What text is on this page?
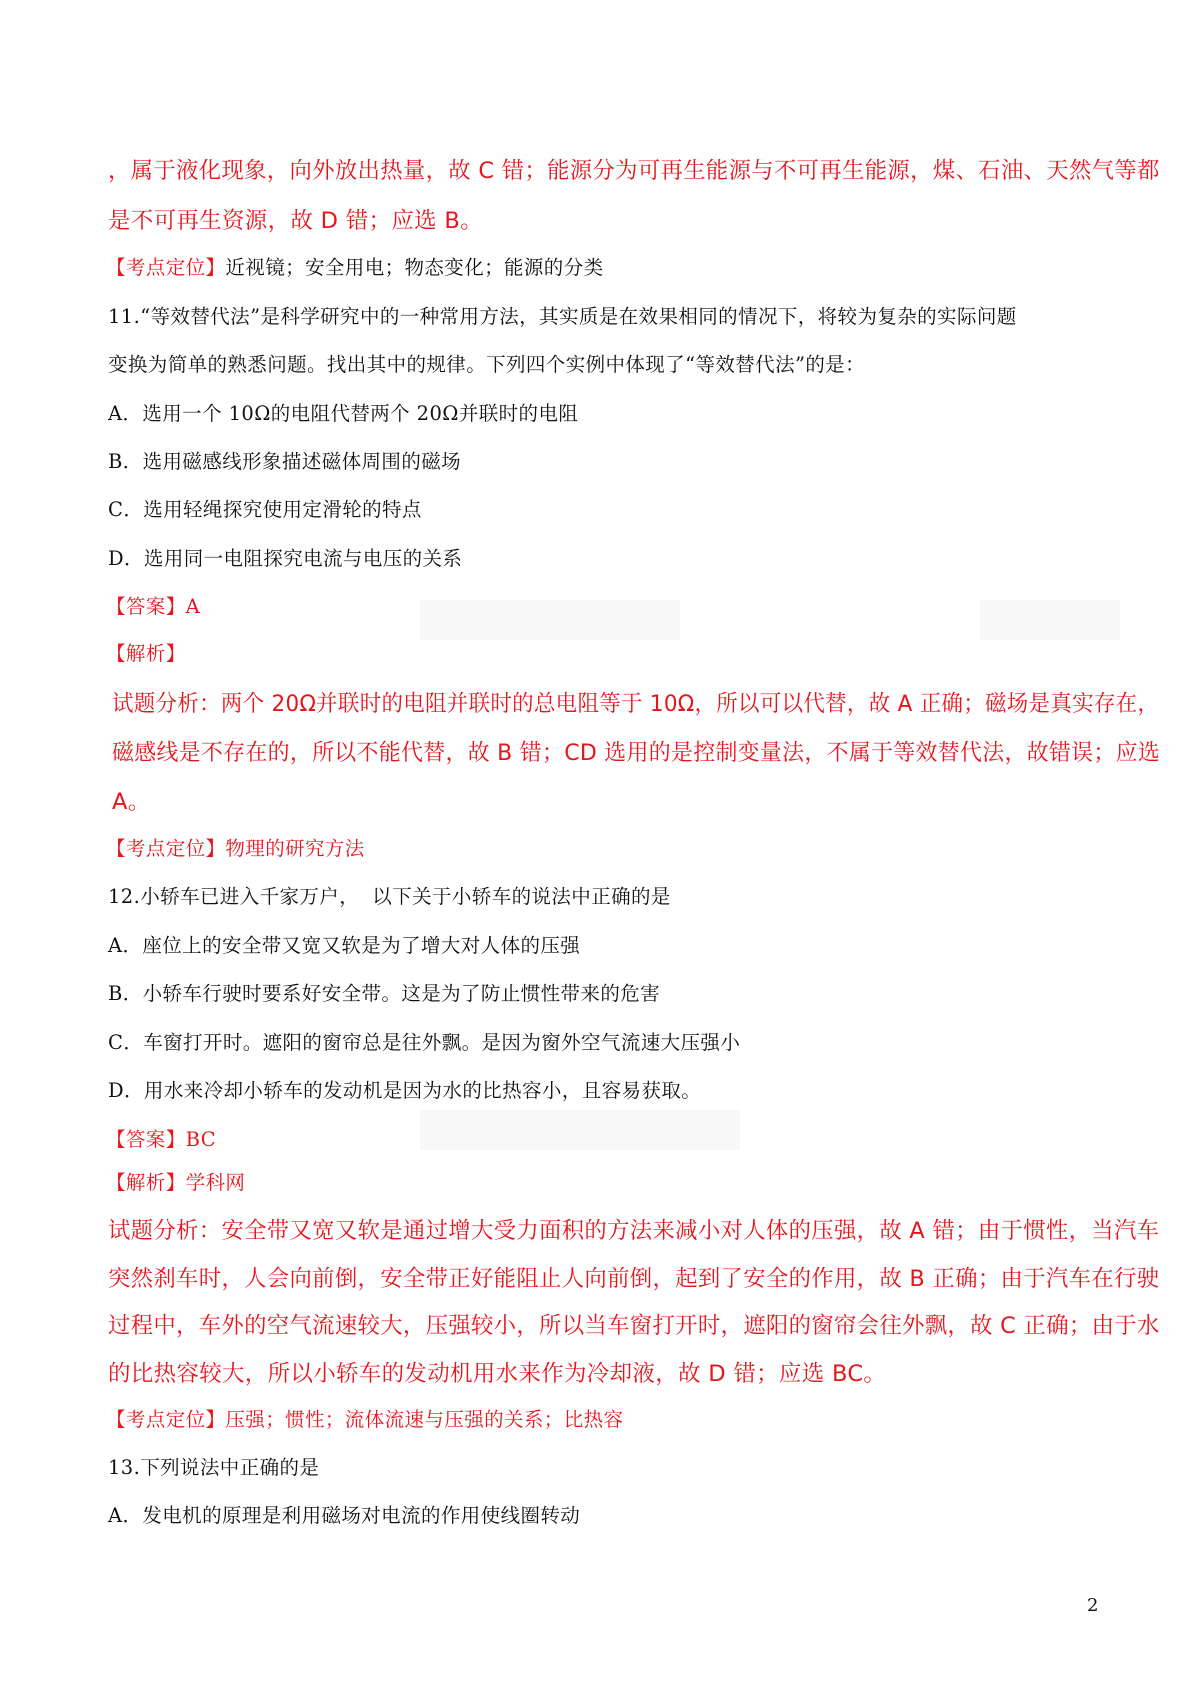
，属于液化现象，向外放出热量，故 C 错；能源分为可再生能源与不可再生能源，煤、石油、天然气等都
是不可再生资源，故 D 错；应选 B。
【考点定位】近视镜；安全用电；物态变化；能源的分类
11.“等效替代法”是科学研究中的一种常用方法，其实质是在效果相同的情况下，将较为复杂的实际问题
变换为简单的熟悉问题。找出其中的规律。下列四个实例中体现了“等效替代法”的是：
A．选用一个 10Ω的电阻代替两个 20Ω并联时的电阻
B．选用磁感线形象描述磁体周围的磁场
C．选用轻绳探究使用定滑轮的特点
D．选用同一电阻探究电流与电压的关系
【答案】A
【解析】
试题分析：两个 20Ω并联时的电阻并联时的总电阻等于 10Ω，所以可以代替，故 A 正确；磁场是真实存在，
磁感线是不存在的，所以不能代替，故 B 错；CD 选用的是控制变量法，不属于等效替代法，故错误；应选
A。
【考点定位】物理的研究方法
12.小轿车已进入千家万户，  以下关于小轿车的说法中正确的是
A．座位上的安全带又宽又软是为了增大对人体的压强
B．小轿车行驶时要系好安全带。这是为了防止惯性带来的危害
C．车窗打开时。遮阳的窗帘总是往外飘。是因为窗外空气流速大压强小
D．用水来冷却小轿车的发动机是因为水的比热容小，且容易获取。
【答案】BC
【解析】学科网
试题分析：安全带又宽又软是通过增大受力面积的方法来减小对人体的压强，故 A 错；由于惯性，当汽车
突然刹车时，人会向前倒，安全带正好能阻止人向前倒，起到了安全的作用，故 B 正确；由于汽车在行驶
过程中，车外的空气流速较大，压强较小，所以当车窗打开时，遮阳的窗帘会往外飘，故 C 正确；由于水
的比热容较大，所以小轿车的发动机用水来作为冷却液，故 D 错；应选 BC。
【考点定位】压强；惯性；流体流速与压强的关系；比热容
13.下列说法中正确的是
A．发电机的原理是利用磁场对电流的作用使线圈转动
2
